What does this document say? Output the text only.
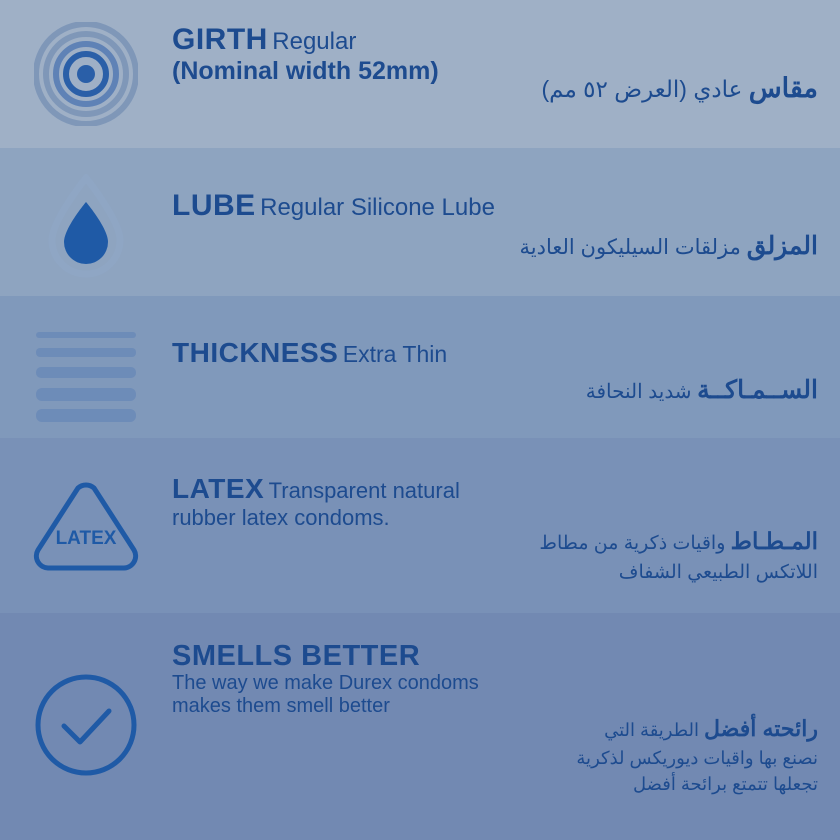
GIRTH Regular
(Nominal width 52mm)
مقاس عادي (العرض ٥٢ مم)
LUBE Regular Silicone Lube
المزلق مزلقات السيليكون العادية
THICKNESS Extra Thin
الســمـاكــة شديد النحافة
LATEX
LATEX Transparent natural
rubber latex condoms.
المـطـاط واقيات ذكرية من مطاط
اللاتكس الطبيعي الشفاف
SMELLS BETTER
The way we make Durex condoms
makes them smell better
رائحته أفضل الطريقة التي
نصنع بها واقيات ديوريكس لذكرية
تجعلها تتمتع برائحة أفضل
